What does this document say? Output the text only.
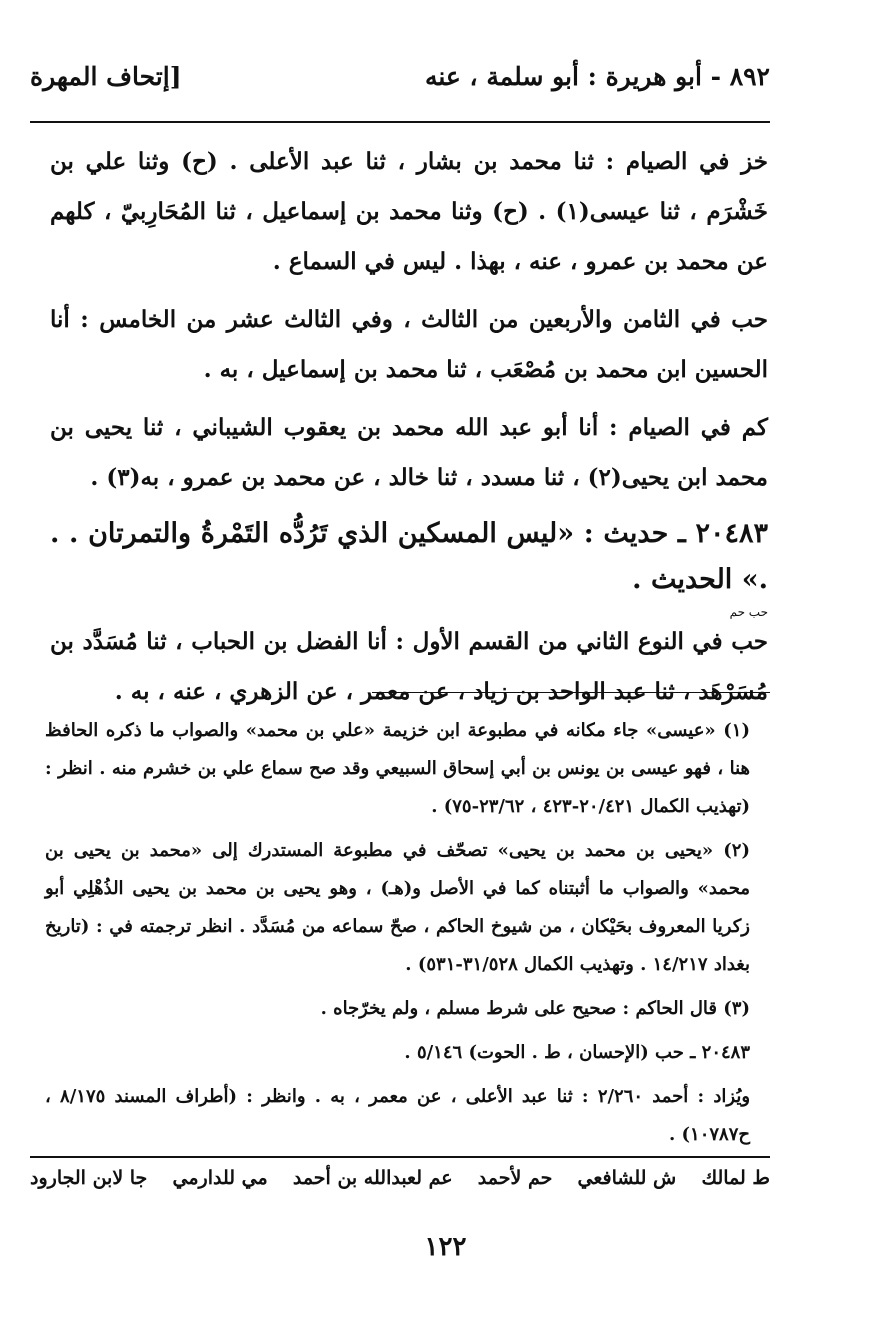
٨٩٢ - أبو هريرة : أبو سلمة ، عنه
[إتحاف المهرة

خز في الصيام : ثنا محمد بن بشار ، ثنا عبد الأعلى . (ح) وثنا علي بن خَشْرَم ، ثنا عيسى(١) . (ح) وثنا محمد بن إسماعيل ، ثنا المُحَارِبيّ ، كلهم عن محمد بن عمرو ، عنه ، بهذا . ليس في السماع .

حب في الثامن والأربعين من الثالث ، وفي الثالث عشر من الخامس : أنا الحسين ابن محمد بن مُصْعَب ، ثنا محمد بن إسماعيل ، به .

كم في الصيام : أنا أبو عبد الله محمد بن يعقوب الشيباني ، ثنا يحيى بن محمد ابن يحيى(٢) ، ثنا مسدد ، ثنا خالد ، عن محمد بن عمرو ، به(٣) .

٢٠٤٨٣ ـ حديث : «ليس المسكين الذي تَرُدُّه التَمْرةُ والتمرتان . . .» الحديث .

حب حم

حب في النوع الثاني من القسم الأول : أنا الفضل بن الحباب ، ثنا مُسَدَّد بن مُسَرْهَد ، ثنا عبد الواحد بن زياد ، عن معمر ، عن الزهري ، عنه ، به .

(١) «عيسى» جاء مكانه في مطبوعة ابن خزيمة «علي بن محمد» والصواب ما ذكره الحافظ هنا ، فهو عيسى بن يونس بن أبي إسحاق السبيعي وقد صح سماع علي بن خشرم منه . انظر : (تهذيب الكمال ٢٠/٤٢١-٤٢٣ ، ٢٣/٦٢-٧٥) .

(٢) «يحيى بن محمد بن يحيى» تصحّف في مطبوعة المستدرك إلى «محمد بن يحيى بن محمد» والصواب ما أثبتناه كما في الأصل و(هـ) ، وهو يحيى بن محمد بن يحيى الذُهْلِي أبو زكريا المعروف بحَيْكان ، من شيوخ الحاكم ، صحّ سماعه من مُسَدَّد . انظر ترجمته في : (تاريخ بغداد ١٤/٢١٧ . وتهذيب الكمال ٣١/٥٢٨-٥٣١) .

(٣) قال الحاكم : صحيح على شرط مسلم ، ولم يخرّجاه .

٢٠٤٨٣ ـ حب (الإحسان ، ط . الحوت) ٥/١٤٦ .

ويُزاد : أحمد ٢/٢٦٠ : ثنا عبد الأعلى ، عن معمر ، به . وانظر : (أطراف المسند ٨/١٧٥ ، ح١٠٧٨٧) .

ط لمالك
ش للشافعي
حم لأحمد
عم لعبدالله بن أحمد
مي للدارمي
جا لابن الجارود
١٢٢
